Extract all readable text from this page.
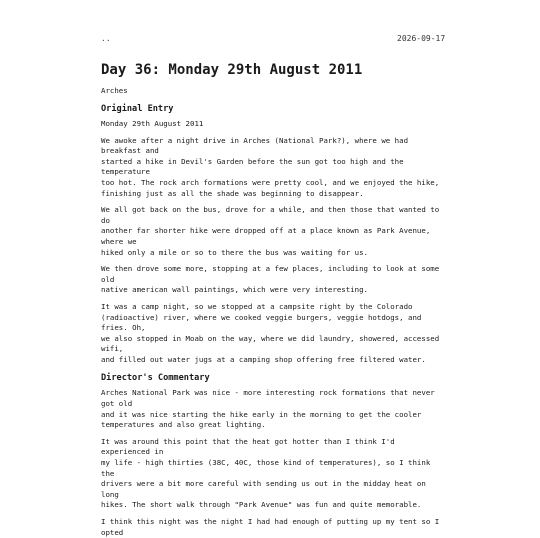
..	2026-09-17
Day 36: Monday 29th August 2011
Arches
Original Entry

Monday 29th August 2011

We awoke after a night drive in Arches (National Park?), where we had breakfast and
started a hike in Devil's Garden before the sun got too high and the temperature
too hot. The rock arch formations were pretty cool, and we enjoyed the hike,
finishing just as all the shade was beginning to disappear.

We all got back on the bus, drove for a while, and then those that wanted to do
another far shorter hike were dropped off at a place known as Park Avenue, where we
hiked only a mile or so to there the bus was waiting for us.

We then drove some more, stopping at a few places, including to look at some old
native american wall paintings, which were very interesting.

It was a camp night, so we stopped at a campsite right by the Colorado
(radioactive) river, where we cooked veggie burgers, veggie hotdogs, and fries. Oh,
we also stopped in Moab on the way, where we did laundry, showered, accessed wifi,
and filled out water jugs at a camping shop offering free filtered water.

Director's Commentary

Arches National Park was nice - more interesting rock formations that never got old
and it was nice starting the hike early in the morning to get the cooler
temperatures and also great lighting.

It was around this point that the heat got hotter than I think I'd experienced in
my life - high thirties (38C, 40C, those kind of temperatures), so I think the
drivers were a bit more careful with sending us out in the midday heat on long
hikes. The short walk through "Park Avenue" was fun and quite memorable.

I think this night was the night I had had enough of putting up my tent so I opted
